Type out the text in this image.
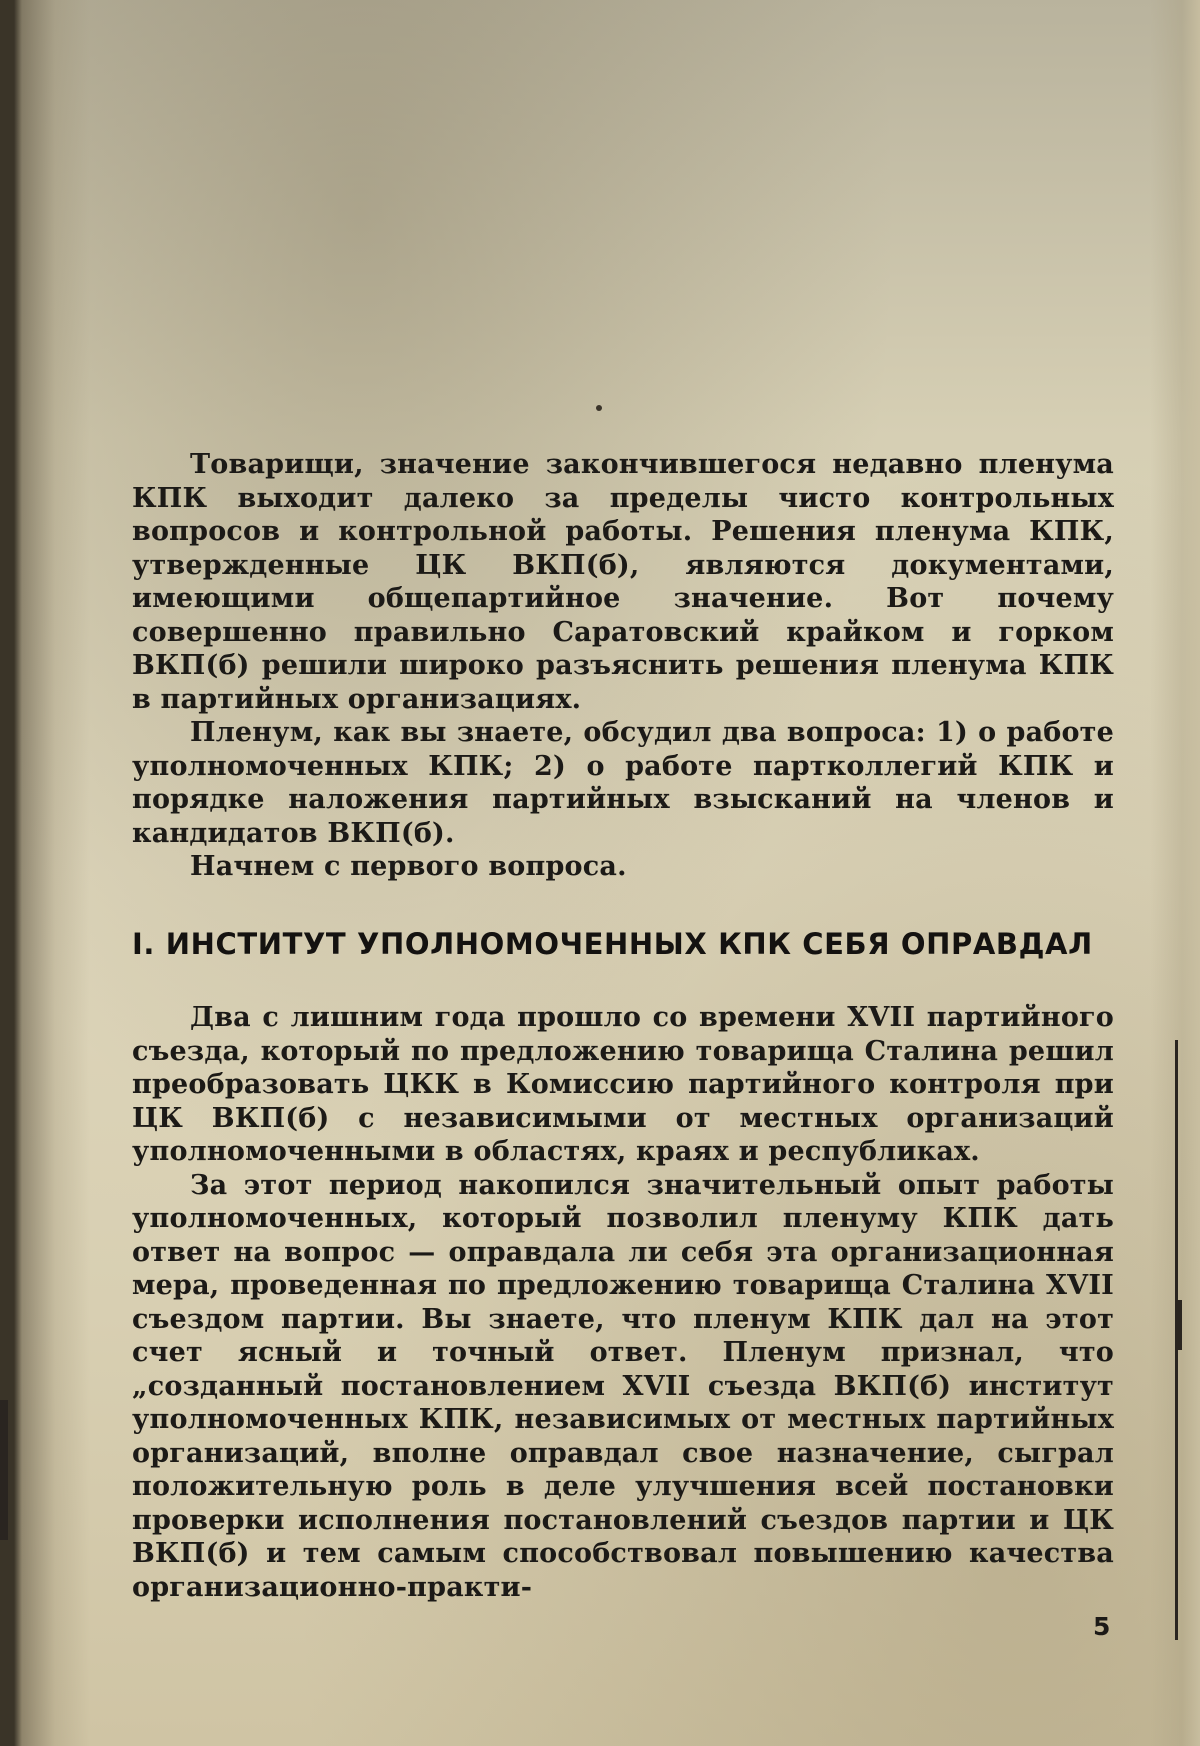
Товарищи, значение закончившегося недавно пленума КПК выходит далеко за пределы чисто контрольных вопросов и контрольной работы. Решения пленума КПК, утвержденные ЦК ВКП(б), являются документами, имеющими общепартийное значение. Вот почему совершенно правильно Саратовский крайком и горком ВКП(б) решили широко разъяснить решения пленума КПК в партийных организациях.

Пленум, как вы знаете, обсудил два вопроса: 1) о работе уполномоченных КПК; 2) о работе партколлегий КПК и порядке наложения партийных взысканий на членов и кандидатов ВКП(б).

Начнем с первого вопроса.

I. ИНСТИТУТ УПОЛНОМОЧЕННЫХ КПК СЕБЯ ОПРАВДАЛ

Два с лишним года прошло со времени XVII партийного съезда, который по предложению товарища Сталина решил преобразовать ЦКК в Комиссию партийного контроля при ЦК ВКП(б) с независимыми от местных организаций уполномоченными в областях, краях и республиках.

За этот период накопился значительный опыт работы уполномоченных, который позволил пленуму КПК дать ответ на вопрос — оправдала ли себя эта организационная мера, проведенная по предложению товарища Сталина XVII съездом партии. Вы знаете, что пленум КПК дал на этот счет ясный и точный ответ. Пленум признал, что „созданный постановлением XVII съезда ВКП(б) институт уполномоченных КПК, независимых от местных партийных организаций, вполне оправдал свое назначение, сыграл положительную роль в деле улучшения всей постановки проверки исполнения постановлений съездов партии и ЦК ВКП(б) и тем самым способствовал повышению качества организационно-практи-

5
